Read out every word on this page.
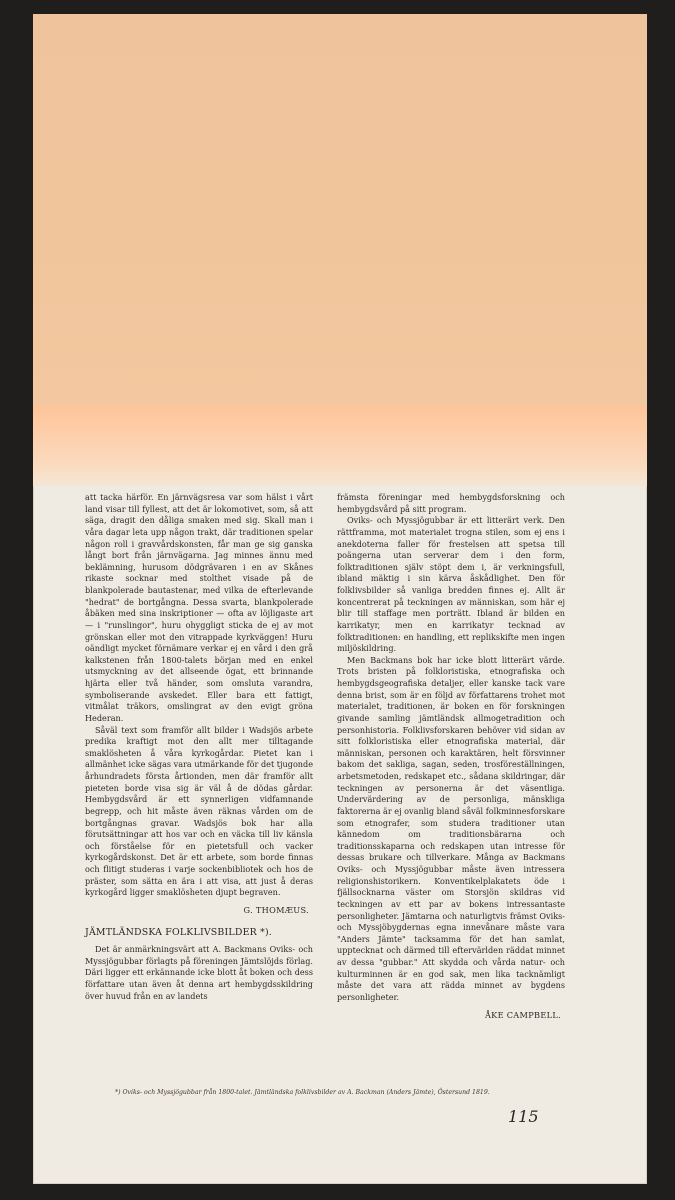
att tacka härför. En järnvägsresa var som hälst i vårt land visar till fyllest, att det är lokomotivet, som, så att säga, dragit den dåliga smaken med sig. Skall man i våra dagar leta upp någon trakt, där traditionen spelar någon roll i gravvårdskonsten, får man ge sig ganska långt bort från järnvägarna. Jag minnes ännu med beklämning, hurusom dödgrävaren i en av Skånes rikaste socknar med stolthet visade på de blankpolerade bautastenar, med vilka de efterlevande "hedrat" de bortgångna. Dessa svarta, blankpolerade åbäken med sina inskriptioner — ofta av löjligaste art — i "runslingor", huru ohyggligt sticka de ej av mot grönskan eller mot den vitrappade kyrkväggen! Huru oändligt mycket förnämare verkar ej en vård i den grå kalkstenen från 1800-talets början med en enkel utsmyckning av det allseende ögat, ett brinnande hjärta eller två händer, som omsluta varandra, symboliserande avskedet. Eller bara ett fattigt, vitmålat träkors, omslingrat av den evigt gröna Hederan.

Såväl text som framför allt bilder i Wadsjös arbete predika kraftigt mot den allt mer tilltagande smaklösheten å våra kyrkogårdar. Pietet kan i allmänhet icke sägas vara utmärkande för det tjugonde århundradets första årtionden, men där framför allt pieteten borde visa sig är väl å de dödas gårdar. Hembygdsvård är ett synnerligen vidfamnande begrepp, och hit måste även räknas vården om de bortgångnas gravar. Wadsjös bok har alla förutsättningar att hos var och en väcka till liv känsla och förståelse för en pietetsfull och vacker kyrkogårdskonst. Det är ett arbete, som borde finnas och flitigt studeras i varje sockenbibliotek och hos de präster, som sätta en ära i att visa, att just å deras kyrkogård ligger smaklösheten djupt begraven.

G. THOMÆUS.
JÄMTLÄNDSKA FOLKLIVSBILDER *).

Det är anmärkningsvärt att A. Backmans Oviks- och Myssjögubbar förlagts på föreningen Jämtslöjds förlag. Däri ligger ett erkännande icke blott åt boken och dess författare utan även åt denna art hembygdsskildring över huvud från en av landets

främsta föreningar med hembygdsforskning och hembygdsvård på sitt program.

Oviks- och Myssjögubbar är ett litterärt verk. Den rättframma, mot materialet trogna stilen, som ej ens i anekdoterna faller för frestelsen att spetsa till poängerna utan serverar dem i den form, folktraditionen själv stöpt dem i, är verkningsfull, ibland mäktig i sin kärva åskådlighet. Den för folklivsbilder så vanliga bredden finnes ej. Allt är koncentrerat på teckningen av människan, som här ej blir till staffage men porträtt. Ibland är bilden en karrikatyr, men en karrikatyr tecknad av folktraditionen: en handling, ett replikskifte men ingen miljöskildring.

Men Backmans bok har icke blott litterärt värde. Trots bristen på folkloristiska, etnografiska och hembygdsgeografiska detaljer, eller kanske tack vare denna brist, som är en följd av författarens trohet mot materialet, traditionen, är boken en för forskningen givande samling jämtländsk allmogetradition och personhistoria. Folklivsforskaren behöver vid sidan av sitt folkloristiska eller etnografiska material, där människan, personen och karaktären, helt försvinner bakom det sakliga, sagan, seden, trosföreställningen, arbetsmetoden, redskapet etc., sådana skildringar, där teckningen av personerna är det väsentliga. Undervärdering av de personliga, mänskliga faktorerna är ej ovanlig bland såväl folkminnesforskare som etnografer, som studera traditioner utan kännedom om traditionsbärarna och traditionsskaparna och redskapen utan intresse för dessas brukare och tillverkare. Många av Backmans Oviks- och Myssjögubbar måste även intressera religionshistorikern. Konventikelplakatets öde i fjällsocknarna väster om Storsjön skildras vid teckningen av ett par av bokens intressantaste personligheter. Jämtarna och naturligtvis främst Oviks- och Myssjöbygdernas egna innevånare måste vara "Anders Jämte" tacksamma för det han samlat, upptecknat och därmed till eftervärlden räddat minnet av dessa "gubbar." Att skydda och vårda natur- och kulturminnen är en god sak, men lika tacknämligt måste det vara att rädda minnet av bygdens personligheter.

ÅKE CAMPBELL.
*) Oviks- och Myssjögubbar från 1800-talet. Jämtländska folklivsbilder av A. Backman (Anders Jämte), Östersund 1819.
115
